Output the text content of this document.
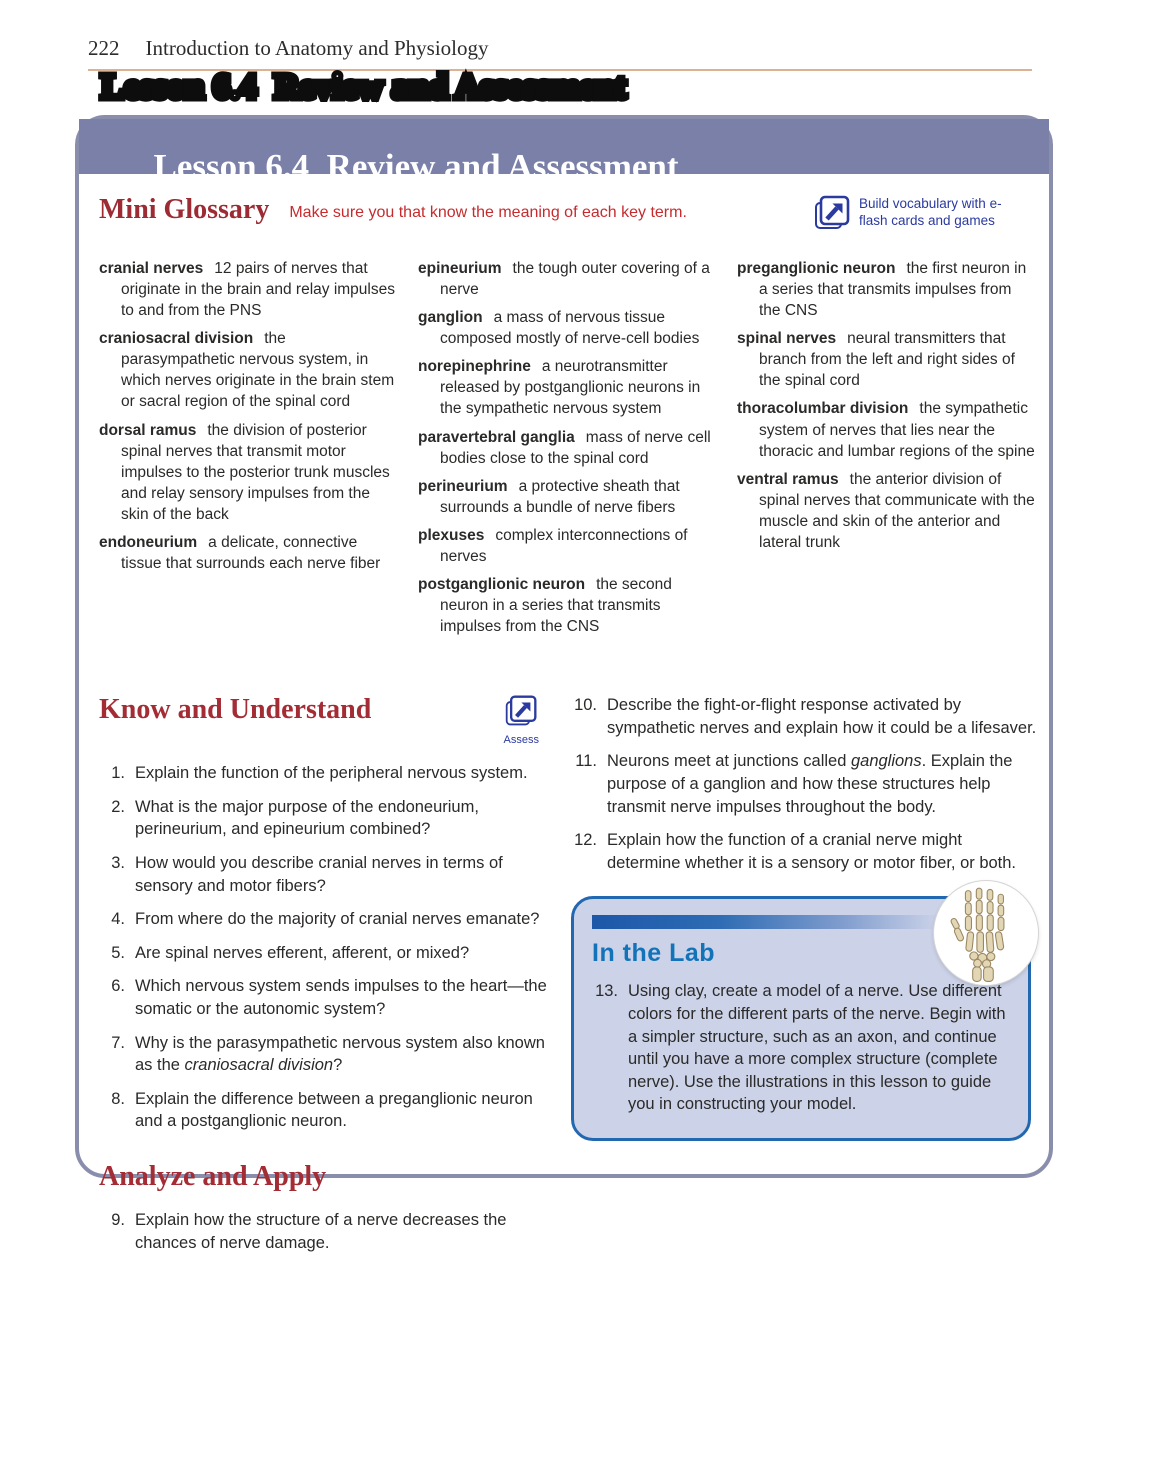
222 Introduction to Anatomy and Physiology

Lesson 6.4  Review and Assessment

Lesson 6.4  Review and Assessment

Mini Glossary Make sure you that know the meaning of each key term.
Build vocabulary with e-flash cards and games

cranial nerves 12 pairs of nerves that originate in the brain and relay impulses to and from the PNS

craniosacral division the parasympathetic nervous system, in which nerves originate in the brain stem or sacral region of the spinal cord

dorsal ramus the division of posterior spinal nerves that transmit motor impulses to the posterior trunk muscles and relay sensory impulses from the skin of the back

endoneurium a delicate, connective tissue that surrounds each nerve fiber

epineurium the tough outer covering of a nerve

ganglion a mass of nervous tissue composed mostly of nerve-cell bodies

norepinephrine a neurotransmitter released by postganglionic neurons in the sympathetic nervous system

paravertebral ganglia mass of nerve cell bodies close to the spinal cord

perineurium a protective sheath that surrounds a bundle of nerve fibers

plexuses complex interconnections of nerves

postganglionic neuron the second neuron in a series that transmits impulses from the CNS

preganglionic neuron the first neuron in a series that transmits impulses from the CNS

spinal nerves neural transmitters that branch from the left and right sides of the spinal cord

thoracolumbar division the sympathetic system of nerves that lies near the thoracic and lumbar regions of the spine

ventral ramus the anterior division of spinal nerves that communicate with the muscle and skin of the anterior and lateral trunk

Know and Understand
Assess
1. Explain the function of the peripheral nervous system.
2. What is the major purpose of the endoneurium, perineurium, and epineurium combined?
3. How would you describe cranial nerves in terms of sensory and motor fibers?
4. From where do the majority of cranial nerves emanate?
5. Are spinal nerves efferent, afferent, or mixed?
6. Which nervous system sends impulses to the heart—the somatic or the autonomic system?
7. Why is the parasympathetic nervous system also known as the craniosacral division?
8. Explain the difference between a preganglionic neuron and a postganglionic neuron.
Analyze and Apply
9. Explain how the structure of a nerve decreases the chances of nerve damage.
10. Describe the fight-or-flight response activated by sympathetic nerves and explain how it could be a lifesaver.
11. Neurons meet at junctions called ganglions. Explain the purpose of a ganglion and how these structures help transmit nerve impulses throughout the body.
12. Explain how the function of a cranial nerve might determine whether it is a sensory or motor fiber, or both.
In the Lab
13. Using clay, create a model of a nerve. Use different colors for the different parts of the nerve. Begin with a simpler structure, such as an axon, and continue until you have a more complex structure (complete nerve). Use the illustrations in this lesson to guide you in constructing your model.
